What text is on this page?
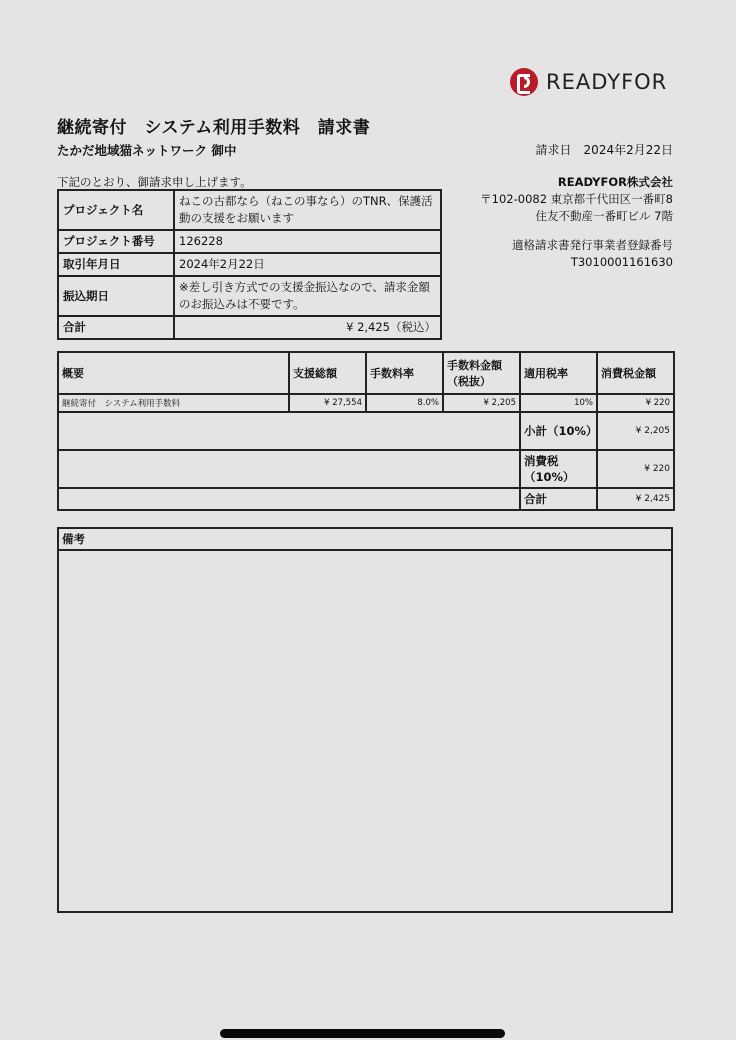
READYFOR
継続寄付　システム利用手数料　請求書
たかだ地域猫ネットワーク 御中	請求日　 2024年2月22日
下記のとおり、御請求申し上げます。	READYFOR株式会社
〒102-0082 東京都千代田区一番町8
住友不動産一番町ビル 7階
適格請求書発行事業者登録番号
T3010001161630
プロジェクト名	ねこの古都なら（ねこの事なら）のTNR、保護活動の支援をお願います
プロジェクト番号	126228
取引年月日	2024年2月22日
振込期日	※差し引き方式での支援金振込なので、請求金額のお振込みは不要です。
合計	¥ 2,425（税込）
概要	支援総額	手数料率	手数料金額（税抜）	適用税率	消費税金額
継続寄付　システム利用手数料	¥ 27,554	8.0%	¥ 2,205	10%	¥ 220
				小計（10%）	¥ 2,205
				消費税（10%）	¥ 220
				合計	¥ 2,425
備考
